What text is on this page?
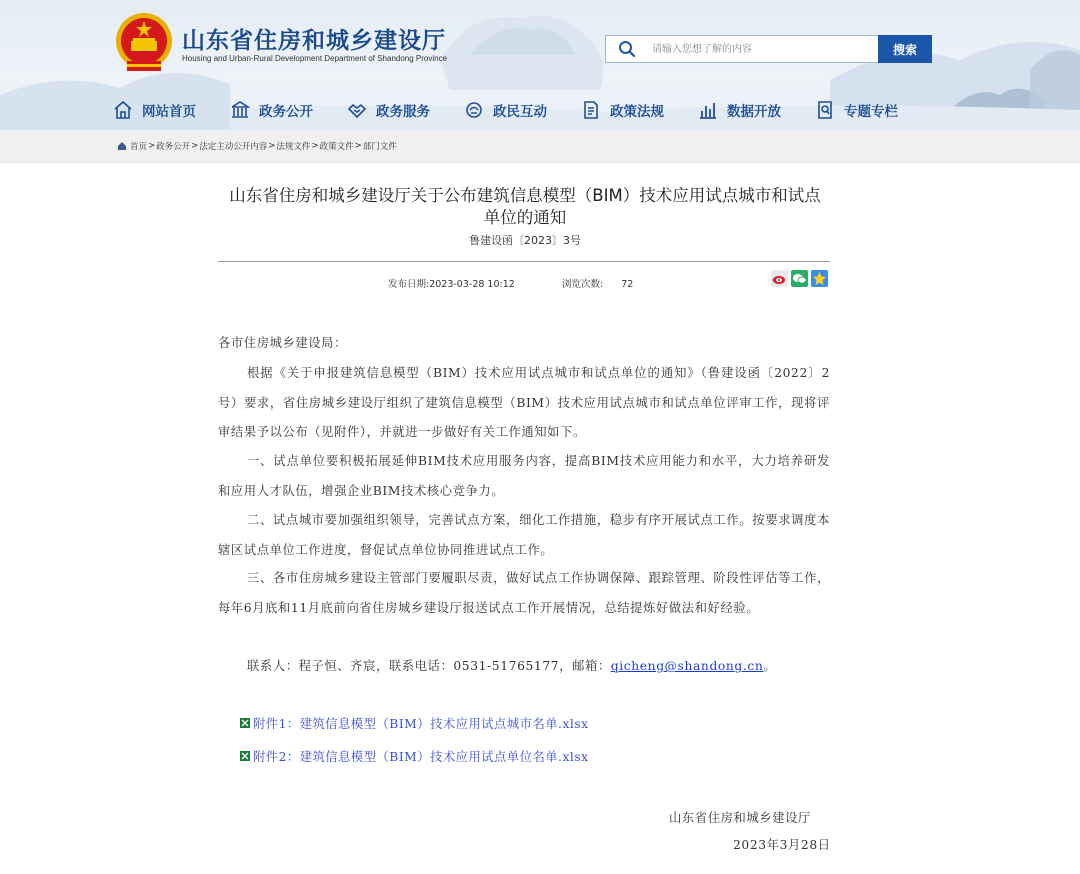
山东省住房和城乡建设厅
Housing and Urban-Rural Development Department of Shandong Province
请输入您想了解的内容
搜索
网站首页	政务公开	政务服务	政民互动	政策法规	数据开放	专题专栏
首页 > 政务公开 > 法定主动公开内容 > 法规文件 > 政策文件 > 部门文件
山东省住房和城乡建设厅关于公布建筑信息模型（BIM）技术应用试点城市和试点
单位的通知
鲁建设函〔2023〕3号
发布日期:2023-03-28 10:12	浏览次数: 72
各市住房城乡建设局：
根据《关于申报建筑信息模型（BIM）技术应用试点城市和试点单位的通知》（鲁建设函〔2022〕2号）要求，省住房城乡建设厅组织了建筑信息模型（BIM）技术应用试点城市和试点单位评审工作，现将评审结果予以公布（见附件），并就进一步做好有关工作通知如下。
一、试点单位要积极拓展延伸BIM技术应用服务内容，提高BIM技术应用能力和水平，大力培养研发和应用人才队伍，增强企业BIM技术核心竞争力。
二、试点城市要加强组织领导，完善试点方案，细化工作措施，稳步有序开展试点工作。按要求调度本辖区试点单位工作进度，督促试点单位协同推进试点工作。
三、各市住房城乡建设主管部门要履职尽责，做好试点工作协调保障、跟踪管理、阶段性评估等工作，每年6月底和11月底前向省住房城乡建设厅报送试点工作开展情况，总结提炼好做法和好经验。
联系人：程子恒、齐宸，联系电话：0531-51765177，邮箱：qicheng@shandong.cn。
附件1：建筑信息模型（BIM）技术应用试点城市名单.xlsx
附件2：建筑信息模型（BIM）技术应用试点单位名单.xlsx
山东省住房和城乡建设厅
2023年3月28日
